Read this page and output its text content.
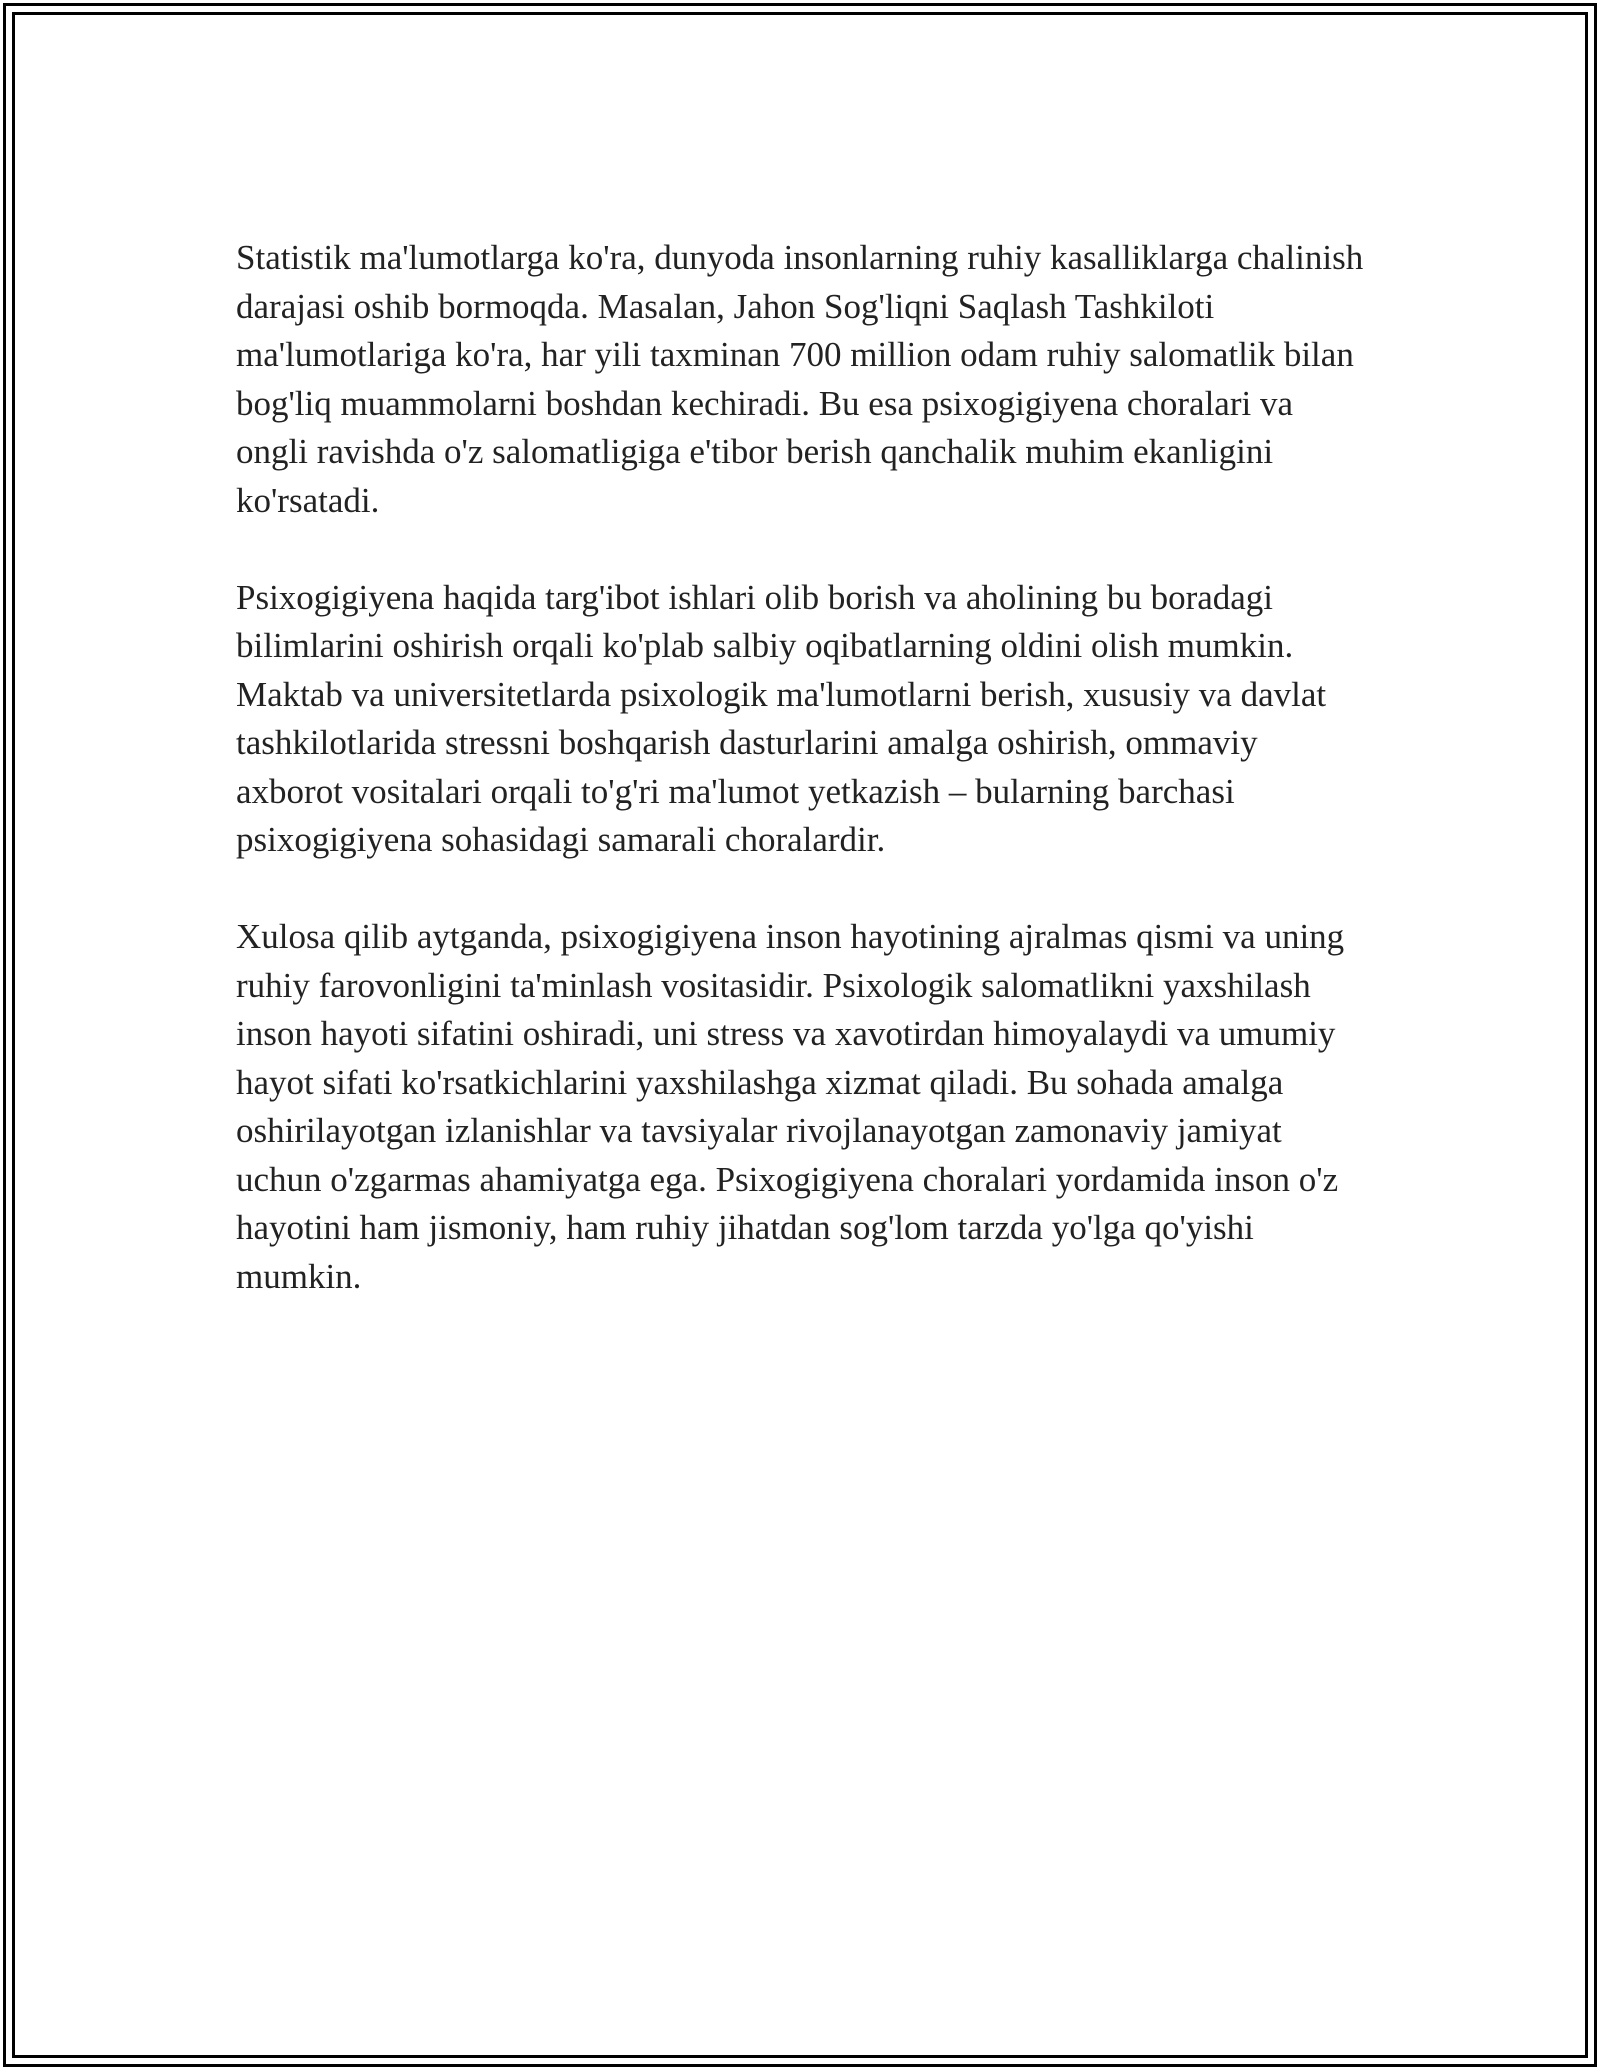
Statistik ma'lumotlarga ko'ra, dunyoda insonlarning ruhiy kasalliklarga chalinish darajasi oshib bormoqda. Masalan, Jahon Sog'liqni Saqlash Tashkiloti ma'lumotlariga ko'ra, har yili taxminan 700 million odam ruhiy salomatlik bilan bog'liq muammolarni boshdan kechiradi. Bu esa psixogigiyena choralari va ongli ravishda o'z salomatligiga e'tibor berish qanchalik muhim ekanligini ko'rsatadi.

Psixogigiyena haqida targ'ibot ishlari olib borish va aholining bu boradagi bilimlarini oshirish orqali ko'plab salbiy oqibatlarning oldini olish mumkin. Maktab va universitetlarda psixologik ma'lumotlarni berish, xususiy va davlat tashkilotlarida stressni boshqarish dasturlarini amalga oshirish, ommaviy axborot vositalari orqali to'g'ri ma'lumot yetkazish – bularning barchasi psixogigiyena sohasidagi samarali choralardir.

Xulosa qilib aytganda, psixogigiyena inson hayotining ajralmas qismi va uning ruhiy farovonligini ta'minlash vositasidir. Psixologik salomatlikni yaxshilash inson hayoti sifatini oshiradi, uni stress va xavotirdan himoyalaydi va umumiy hayot sifati ko'rsatkichlarini yaxshilashga xizmat qiladi. Bu sohada amalga oshirilayotgan izlanishlar va tavsiyalar rivojlanayotgan zamonaviy jamiyat uchun o'zgarmas ahamiyatga ega. Psixogigiyena choralari yordamida inson o'z hayotini ham jismoniy, ham ruhiy jihatdan sog'lom tarzda yo'lga qo'yishi mumkin.
